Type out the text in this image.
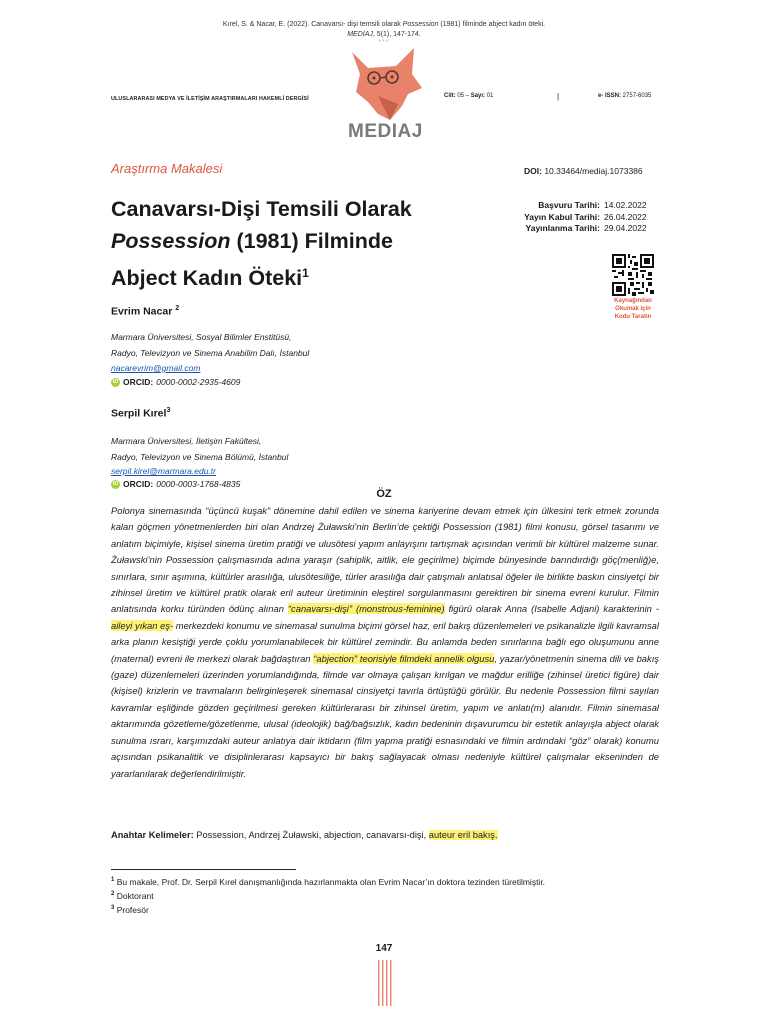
Kırel, S. & Nacar, E. (2022). Canavarsı- dişi temsili olarak Possession (1981) filminde abject kadın öteki.
MEDIAJ, 5(1), 147-174.
***
MEDIAJ
ULUSLARARASI MEDYA VE İLETİŞİM ARAŞTIRMALARI HAKEMLİ DERGİSİ	Cilt: 05 – Sayı: 01	|	e- ISSN: 2757-6035
Araştırma Makalesi	DOI: 10.33464/mediaj.1073386
Canavarsı-Dişi Temsili Olarak
Possession (1981) Filminde
Abject Kadın Öteki$^1$
Başvuru Tarihi: 14.02.2022
Yayın Kabul Tarihi: 26.04.2022
Yayınlanma Tarihi: 29.04.2022
Kaynağından
Okumak için
Kodu Taratın
Evrim Nacar $^2$
Marmara Üniversitesi, Sosyal Bilimler Enstitüsü,
Radyo, Televizyon ve Sinema Anabilim Dalı, İstanbul
nacarevrim@gmail.com
iD ORCID: 0000-0002-2935-4609
Serpil Kırel$^3$
Marmara Üniversitesi, İletişim Fakültesi,
Radyo, Televizyon ve Sinema Bölümü, İstanbul
serpil.kirel@marmara.edu.tr
iD ORCID: 0000-0003-1768-4835
ÖZ
Polonya sinemasında “üçüncü kuşak” dönemine dahil edilen ve sinema kariyerine devam etmek için ülkesini terk etmek zorunda kalan göçmen yönetmenlerden biri olan Andrzej Żuławski’nin Berlin’de çektiği Possession (1981) filmi konusu, görsel tasarımı ve anlatım biçimiyle, kişisel sinema üretim pratiği ve ulusötesi yapım anlayışını tartışmak açısından verimli bir kültürel malzeme sunar. Żuławski’nin Possession çalışmasında adına yaraşır (sahiplik, aitlik, ele geçirilme) biçimde bünyesinde barındırdığı göç(menliğ)e, sınırlara, sınır aşımına, kültürler arasılığa, ulusötesiliğe, türler arasılığa dair çatışmalı anlatısal öğeler ile birlikte baskın cinsiyetçi bir zihinsel üretim ve kültürel pratik olarak eril auteur üretiminin eleştirel sorgulanmasını gerektiren bir sinema evreni kurulur. Filmin anlatısında korku türünden ödünç alınan “canavarsı-dişi” (monstrous-feminine) figürü olarak Anna (Isabelle Adjani) karakterinin -aileyi yıkan eş- merkezdeki konumu ve sinemasal sunulma biçimi görsel haz, eril bakış düzenlemeleri ve psikanalizle ilgili kavramsal arka planın kesiştiği yerde çoklu yorumlanabilecek bir kültürel zemindir. Bu anlamda beden sınırlarına bağlı ego oluşumunu anne (maternal) evreni ile merkezi olarak bağdaştıran “abjection” teorisiyle filmdeki annelik olgusu, yazar/yönetmenin sinema dili ve bakış (gaze) düzenlemeleri üzerinden yorumlandığında, filmde var olmaya çalışan kırılgan ve mağdur erilliğe (zihinsel üretici figüre) dair (kişisel) krizlerin ve travmaların belirginleşerek sinemasal cinsiyetçi tavırla örtüştüğü görülür. Bu nedenle Possession filmi sayılan kavramlar eşliğinde gözden geçirilmesi gereken kültürlerarası bir zihinsel üretim, yapım ve anlatı(m) alanıdır. Filmin sinemasal aktarımında gözetleme/gözetlenme, ulusal (ideolojik) bağ/bağsızlık, kadın bedeninin dışavurumcu bir estetik anlayışla abject olarak sunulma ısrarı, karşımızdaki auteur anlatıya dair iktidarın (film yapma pratiği esnasındaki ve filmin ardındaki “göz” olarak) konumu açısından psikanalitik ve disiplinlerarası kapsayıcı bir bakış sağlayacak olması nedeniyle kültürel çalışmalar ekseninden de yararlanılarak değerlendirilmiştir.
Anahtar Kelimeler: Possession, Andrzej Żuławski, abjection, canavarsı-dişi, auteur eril bakış.
$^1$ Bu makale, Prof. Dr. Serpil Kırel danışmanlığında hazırlanmakta olan Evrim Nacar’ın doktora tezinden türetilmiştir.
$^2$ Doktorant
$^3$ Profesör
147
